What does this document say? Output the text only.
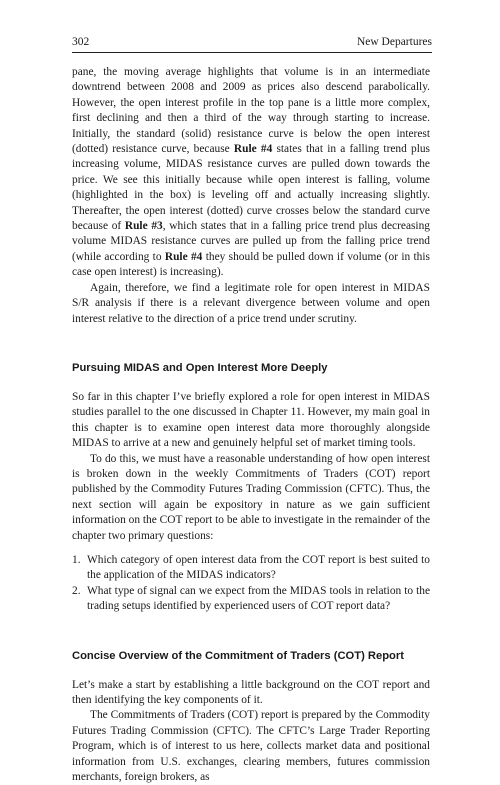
302	New Departures

pane, the moving average highlights that volume is in an intermediate downtrend between 2008 and 2009 as prices also descend parabolically. However, the open interest profile in the top pane is a little more complex, first declining and then a third of the way through starting to increase. Initially, the standard (solid) resistance curve is below the open interest (dotted) resistance curve, because Rule #4 states that in a falling trend plus increasing volume, MIDAS resistance curves are pulled down towards the price. We see this initially because while open interest is falling, volume (highlighted in the box) is leveling off and actually increasing slightly. Thereafter, the open interest (dotted) curve crosses below the standard curve because of Rule #3, which states that in a falling price trend plus decreasing volume MIDAS resistance curves are pulled up from the falling price trend (while according to Rule #4 they should be pulled down if volume (or in this case open interest) is increasing).

Again, therefore, we find a legitimate role for open interest in MIDAS S/R analysis if there is a relevant divergence between volume and open interest relative to the direction of a price trend under scrutiny.

Pursuing MIDAS and Open Interest More Deeply

So far in this chapter I’ve briefly explored a role for open interest in MIDAS studies parallel to the one discussed in Chapter 11. However, my main goal in this chapter is to examine open interest data more thoroughly alongside MIDAS to arrive at a new and genuinely helpful set of market timing tools.

To do this, we must have a reasonable understanding of how open interest is broken down in the weekly Commitments of Traders (COT) report published by the Commodity Futures Trading Commission (CFTC). Thus, the next section will again be expository in nature as we gain sufficient information on the COT report to be able to investigate in the remainder of the chapter two primary questions:

1. Which category of open interest data from the COT report is best suited to the application of the MIDAS indicators?
2. What type of signal can we expect from the MIDAS tools in relation to the trading setups identified by experienced users of COT report data?
Concise Overview of the Commitment of Traders (COT) Report

Let’s make a start by establishing a little background on the COT report and then identifying the key components of it.

The Commitments of Traders (COT) report is prepared by the Commodity Futures Trading Commission (CFTC). The CFTC’s Large Trader Reporting Program, which is of interest to us here, collects market data and positional information from U.S. exchanges, clearing members, futures commission merchants, foreign brokers, as
